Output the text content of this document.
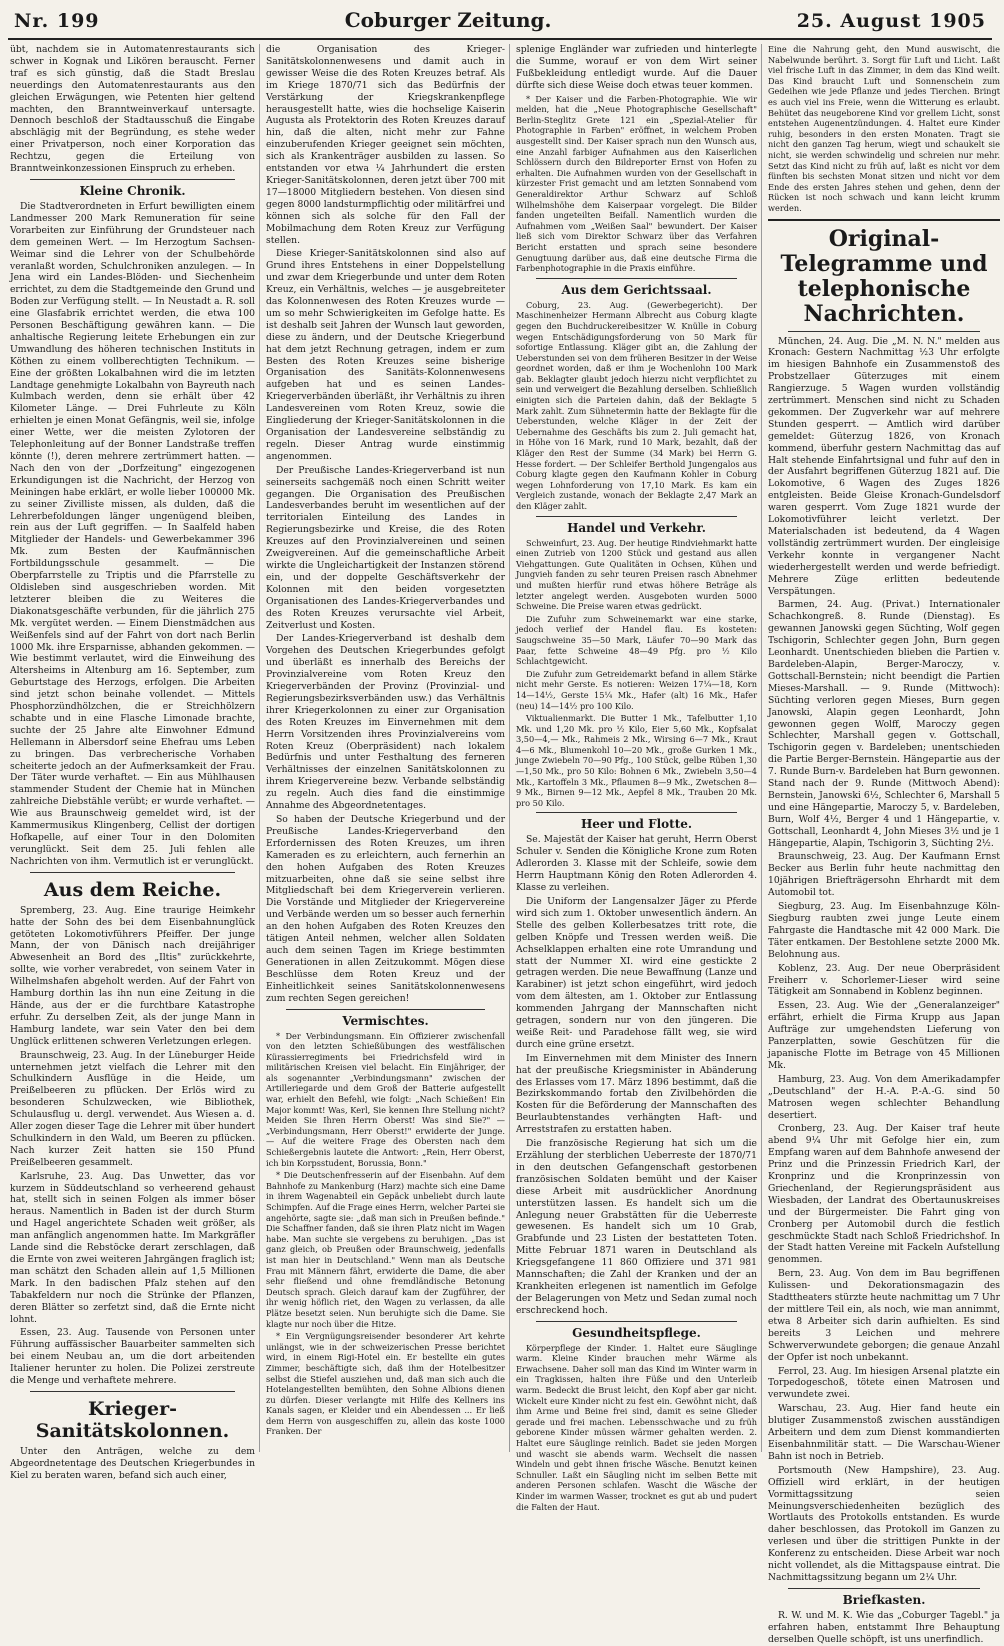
Nr. 199	Coburger Zeitung.	25. August 1905

übt, nachdem sie in Automatenrestaurants sich schwer in Kognak und Likören berauscht. Ferner traf es sich günstig, daß die Stadt Breslau neuerdings den Automatenrestaurants aus den gleichen Erwägungen, wie Petenten hier geltend machten, den Branntweinverkauf untersagte. Dennoch beschloß der Stadtausschuß die Eingabe abschlägig mit der Begründung, es stehe weder einer Privatperson, noch einer Korporation das Rechtzu, gegen die Erteilung von Branntweinkonzessionen Einspruch zu erheben.

Kleine Chronik.

Die Stadtverordneten in Erfurt bewilligten einem Landmesser 200 Mark Remuneration für seine Vorarbeiten zur Einführung der Grundsteuer nach dem gemeinen Wert. — Im Herzogtum Sachsen-Weimar sind die Lehrer von der Schulbehörde veranlaßt worden, Schulchroniken anzulegen. — In Jena wird ein Landes-Blöden- und Siechenheim errichtet, zu dem die Stadtgemeinde den Grund und Boden zur Verfügung stellt. — In Neustadt a. R. soll eine Glasfabrik errichtet werden, die etwa 100 Personen Beschäftigung gewähren kann. — Die anhaltische Regierung leitete Erhebungen ein zur Umwandlung des höheren technischen Instituts in Köthen zu einem vollberechtigten Technikum. — Eine der größten Lokalbahnen wird die im letzten Landtage genehmigte Lokalbahn von Bayreuth nach Kulmbach werden, denn sie erhält über 42 Kilometer Länge. — Drei Fuhrleute zu Köln erhielten je einen Monat Gefängnis, weil sie, infolge einer Wette, wer die meisten Zylotoren der Telephonleitung auf der Bonner Landstraße treffen könnte (!), deren mehrere zertrümmert hatten. — Nach den von der „Dorfzeitung" eingezogenen Erkundigungen ist die Nachricht, der Herzog von Meiningen habe erklärt, er wolle lieber 100000 Mk. zu seiner Zivilliste missen, als dulden, daß die Lehrerbefoldungen länger ungenügend bleiben, rein aus der Luft gegriffen. — In Saalfeld haben Mitglieder der Handels- und Gewerbekammer 396 Mk. zum Besten der Kaufmännischen Fortbildungsschule gesammelt. — Die Oberpfarrstelle zu Triptis und die Pfarrstelle zu Oldisleben sind ausgeschrieben worden. Mit letzterer bleiben die zu Weiteres die Diakonatsgeschäfte verbunden, für die jährlich 275 Mk. vergütet werden. — Einem Dienstmädchen aus Weißenfels sind auf der Fahrt von dort nach Berlin 1000 Mk. ihre Ersparnisse, abhanden gekommen. — Wie bestimmt verlautet, wird die Einweihung des Altersheims in Altenburg am 16. September, zum Geburtstage des Herzogs, erfolgen. Die Arbeiten sind jetzt schon beinahe vollendet. — Mittels Phosphorzündhölzchen, die er Streichhölzern schabte und in eine Flasche Limonade brachte, suchte der 25 Jahre alte Einwohner Edmund Hellemann in Albersdorf seine Ehefrau ums Leben zu bringen. Das verbrecherische Vorhaben scheiterte jedoch an der Aufmerksamkeit der Frau. Der Täter wurde verhaftet. — Ein aus Mühlhausen stammender Student der Chemie hat in München zahlreiche Diebstähle verübt; er wurde verhaftet. — Wie aus Braunschweig gemeldet wird, ist der Kammermusikus Klingenberg, Cellist der dortigen Hofkapelle, auf einer Tour in den Dolomiten verunglückt. Seit dem 25. Juli fehlen alle Nachrichten von ihm. Vermutlich ist er verunglückt.

Aus dem Reiche.

Spremberg, 23. Aug. Eine traurige Heimkehr hatte der Sohn des bei dem Eisenbahnunglück getöteten Lokomotivführers Pfeiffer. Der junge Mann, der von Dänisch nach dreijähriger Abwesenheit an Bord des „Iltis" zurückkehrte, sollte, wie vorher verabredet, von seinem Vater in Wilhelmshafen abgeholt werden. Auf der Fahrt von Hamburg dorthin las ihn nun eine Zeitung in die Hände, aus der er die furchtbare Katastrophe erfuhr. Zu derselben Zeit, als der junge Mann in Hamburg landete, war sein Vater den bei dem Unglück erlittenen schweren Verletzungen erlegen.

Braunschweig, 23. Aug. In der Lüneburger Heide unternehmen jetzt vielfach die Lehrer mit den Schulkindern Ausflüge in die Heide, um Preißelbeeren zu pflücken. Der Erlös wird zu besonderen Schulzwecken, wie Bibliothek, Schulausflug u. dergl. verwendet. Aus Wiesen a. d. Aller zogen dieser Tage die Lehrer mit über hundert Schulkindern in den Wald, um Beeren zu pflücken. Nach kurzer Zeit hatten sie 150 Pfund Preißelbeeren gesammelt.

Karlsruhe, 23. Aug. Das Unwetter, das vor kurzem in Süddeutschland so verheerend gehaust hat, stellt sich in seinen Folgen als immer böser heraus. Namentlich in Baden ist der durch Sturm und Hagel angerichtete Schaden weit größer, als man anfänglich angenommen hatte. Im Markgräfler Lande sind die Rebstöcke derart zerschlagen, daß die Ernte von zwei weiteren Jahrgängen fraglich ist; man schätzt den Schaden allein auf 1,5 Millionen Mark. In den badischen Pfalz stehen auf den Tabakfeldern nur noch die Strünke der Pflanzen, deren Blätter so zerfetzt sind, daß die Ernte nicht lohnt.

Essen, 23. Aug. Tausende von Personen unter Führung auffässischer Bauarbeiter sammelten sich bei einem Neubau an, um die dort arbeitenden Italiener herunter zu holen. Die Polizei zerstreute die Menge und verhaftete mehrere.

Krieger-Sanitätskolonnen.

Unter den Anträgen, welche zu dem Abgeordnetentage des Deutschen Kriegerbundes in Kiel zu beraten waren, befand sich auch einer,

die Organisation des Krieger-Sanitätskolonnenwesens und damit auch in gewisser Weise die des Roten Kreuzes betraf. Als im Kriege 1870/71 sich das Bedürfnis der Verstärkung der Kriegskrankenpflege herausgestellt hatte, wies die hochselige Kaiserin Augusta als Protektorin des Roten Kreuzes darauf hin, daß die alten, nicht mehr zur Fahne einzuberufenden Krieger geeignet sein möchten, sich als Krankenträger ausbilden zu lassen. So entstanden vor etwa ¼ Jahrhundert die ersten Krieger-Sanitätskolonnen, deren jetzt über 700 mit 17—18000 Mitgliedern bestehen. Von diesen sind gegen 8000 landsturmpflichtig oder militärfrei und können sich als solche für den Fall der Mobilmachung dem Roten Kreuz zur Verfügung stellen.

Diese Krieger-Sanitätskolonnen sind also auf Grund ihres Entstehens in einer Doppelstellung und zwar dem Kriegerbunde und unter dem Roten Kreuz, ein Verhältnis, welches — je ausgebreiteter das Kolonnenwesen des Roten Kreuzes wurde — um so mehr Schwierigkeiten im Gefolge hatte. Es ist deshalb seit Jahren der Wunsch laut geworden, diese zu ändern, und der Deutsche Kriegerbund hat dem jetzt Rechnung getragen, indem er zum Besten des Roten Kreuzes seine bisherige Organisation des Sanitäts-Kolonnenwesens aufgeben hat und es seinen Landes-Kriegerverbänden überläßt, ihr Verhältnis zu ihren Landesvereinen vom Roten Kreuz, sowie die Eingliederung der Krieger-Sanitätskolonnen in die Organisation der Landesvereine selbständig zu regeln. Dieser Antrag wurde einstimmig angenommen.

Der Preußische Landes-Kriegerverband ist nun seinerseits sachgemäß noch einen Schritt weiter gegangen. Die Organisation des Preußischen Landesverbandes beruht im wesentlichen auf der territorialen Einteilung des Landes in Regierungsbezirke und Kreise, die des Roten Kreuzes auf den Provinzialvereinen und seinen Zweigvereinen. Auf die gemeinschaftliche Arbeit wirkte die Ungleichartigkeit der Instanzen störend ein, und der doppelte Geschäftsverkehr der Kolonnen mit den beiden vorgesetzten Organisationen des Landes-Kriegerverbandes und des Roten Kreuzes verursachte viel Arbeit, Zeitverlust und Kosten.

Der Landes-Kriegerverband ist deshalb dem Vorgehen des Deutschen Kriegerbundes gefolgt und überläßt es innerhalb des Bereichs der Provinzialvereine vom Roten Kreuz den Kriegerverbänden der Provinz (Provinzial- und Regierungsbezirksverbänden usw.) das Verhältnis ihrer Kriegerkolonnen zu einer zur Organisation des Roten Kreuzes im Einvernehmen mit dem Herrn Vorsitzenden ihres Provinzialvereins vom Roten Kreuz (Oberpräsident) nach lokalem Bedürfnis und unter Festhaltung des ferneren Verhältnisses der einzelnen Sanitätskolonnen zu ihrem Kriegervereine bezw. Verbande selbständig zu regeln. Auch dies fand die einstimmige Annahme des Abgeordnetentages.

So haben der Deutsche Kriegerbund und der Preußische Landes-Kriegerverband den Erfordernissen des Roten Kreuzes, um ihren Kameraden es zu erleichtern, auch fernerhin an den hohen Aufgaben des Roten Kreuzes mitzuarbeiten, ohne daß sie seine selbst ihre Mitgliedschaft bei dem Kriegerverein verlieren. Die Vorstände und Mitglieder der Kriegervereine und Verbände werden um so besser auch fernerhin an den hohen Aufgaben des Roten Kreuzes den tätigen Anteil nehmen, welcher allen Soldaten auch dem seinen Tagen im Kriege bestimmten Generationen in allen Zeitzukommt. Mögen diese Beschlüsse dem Roten Kreuz und der Einheitlichkeit seines Sanitätskolonnenwesens zum rechten Segen gereichen!

Vermischtes.

* Der Verbindungsmann. Ein Offizierer zwischenfall von den letzten Schießübungen des westfälischen Kürassierregiments bei Friedrichsfeld wird in militärischen Kreisen viel belacht. Ein Einjähriger, der als sogenannter „Verbindungsmann" zwischen der Artilleriegarde und dem Groß der Batterie aufgestellt war, erhielt den Befehl, wie folgt: „Nach Schießen! Ein Major kommt! Was, Kerl, Sie kennen Ihre Stellung nicht? Meiden Sie Ihren Herrn Oberst! Was sind Sie?" — „Verbindungsmann, Herr Oberst!" erwiderte der Junge. — Auf die weitere Frage des Obersten nach dem Schießergebnis lautete die Antwort: „Rein, Herr Oberst, ich bin Korpsstudent, Borussia, Bonn."

* Die Deutschenfresserin auf der Eisenbahn. Auf dem Bahnhofe zu Mankenburg (Harz) machte sich eine Dame in ihrem Wagenabteil ein Gepäck unbeliebt durch laute Schimpfen. Auf die Frage eines Herrn, welcher Partei sie angehörte, sagte sie: „daß man sich in Preußen befinde." Die Schaffner fanden, daß sie ihren Platz nicht im Wagen habe. Man suchte sie vergebens zu beruhigen. „Das ist ganz gleich, ob Preußen oder Braunschweig, jedenfalls ist man hier in Deutschland." Wenn man als Deutsche Frau mit Männern fährt, erwiderte die Dame, die aber sehr fließend und ohne fremdländische Betonung Deutsch sprach. Gleich darauf kam der Zugführer, der ihr wenig höflich riet, den Wagen zu verlassen, da alle Plätze besetzt seien. Nun beruhigte sich die Dame. Sie klagte nur noch über die Hitze.

* Ein Vergnügungsreisender besonderer Art kehrte unlängst, wie in der schweizerischen Presse berichtet wird, in einem Rigi-Hotel ein. Er bestellte ein gutes Zimmer, beschäftigte sich, daß ihm der Hotelbesitzer selbst die Stiefel ausziehen und, daß man sich auch die Hotelangestellten bemühten, den Sohne Albions dienen zu dürfen. Dieser verlangte mit Hilfe des Kellners ins Kanals sagen, er Kleider und ein Abendessen ... Er ließ dem Herrn von ausgeschiffen zu, allein das koste 1000 Franken. Der

splenige Engländer war zufrieden und hinterlegte die Summe, worauf er von dem Wirt seiner Fußbekleidung entledigt wurde. Auf die Dauer dürfte sich diese Weise doch etwas teuer kommen.

* Der Kaiser und die Farben-Photographie. Wie wir melden, hat die „Neue Photographische Gesellschaft" Berlin-Steglitz Grete 121 ein „Spezial-Atelier für Photographie in Farben" eröffnet, in welchem Proben ausgestellt sind. Der Kaiser sprach nun den Wunsch aus, eine Anzahl farbiger Aufnahmen aus den Kaiserlichen Schlössern durch den Bildreporter Ernst von Hofen zu erhalten. Die Aufnahmen wurden von der Gesellschaft in kürzester Frist gemacht und am letzten Sonnabend vom Generaldirektor Arthur Schwarz auf Schloß Wilhelmshöhe dem Kaiserpaar vorgelegt. Die Bilder fanden ungeteilten Beifall. Namentlich wurden die Aufnahmen vom „Weißen Saal" bewundert. Der Kaiser ließ sich vom Direktor Schwarz über das Verfahren Bericht erstatten und sprach seine besondere Genugtuung darüber aus, daß eine deutsche Firma die Farbenphotographie in die Praxis einführe.

Aus dem Gerichtssaal.

Coburg, 23. Aug. (Gewerbegericht). Der Maschinenheizer Hermann Albrecht aus Coburg klagte gegen den Buchdruckereibesitzer W. Knülle in Coburg wegen Entschädigungsforderung von 50 Mark für sofortige Entlassung. Kläger gibt an, die Zahlung der Ueberstunden sei von dem früheren Besitzer in der Weise geordnet worden, daß er ihm je Wochenlohn 100 Mark gab. Beklagter glaubt jedoch hierzu nicht verpflichtet zu sein und verweigert die Bezahlung derselben. Schließlich einigten sich die Parteien dahin, daß der Beklagte 5 Mark zahlt. Zum Sühnetermin hatte der Beklagte für die Ueberstunden, welche Kläger in der Zeit der Uebernahme des Geschäfts bis zum 2. Juli gemacht hat, in Höhe von 16 Mark, rund 10 Mark, bezahlt, daß der Kläger den Rest der Summe (34 Mark) bei Herrn G. Hesse fordert. — Der Schleifer Berthold Jungengalos aus Coburg klagte gegen den Kaufmann Kohler in Coburg wegen Lohnforderung von 17,10 Mark. Es kam ein Vergleich zustande, wonach der Beklagte 2,47 Mark an den Kläger zahlt.

Handel und Verkehr.

Schweinfurt, 23. Aug. Der heutige Rindviehmarkt hatte einen Zutrieb von 1200 Stück und gestand aus allen Viehgattungen. Gute Qualitäten in Ochsen, Kühen und Jungvieh fanden zu sehr teuren Preisen rasch Abnehmer und mußten hierfür rund etwas höhere Beträge als letzter angelegt werden. Ausgeboten wurden 5000 Schweine. Die Preise waren etwas gedrückt.

Die Zufuhr zum Schweinemarkt war eine starke, jedoch verlief der Handel flau. Es kosteten: Saugschweine 35—50 Mark, Läufer 70—90 Mark das Paar, fette Schweine 48—49 Pfg. pro ½ Kilo Schlachtgewicht.

Die Zufuhr zum Getreidemarkt befand in allem Stärke nicht mehr Gerste. Es notieren: Weizen 17¼—18, Korn 14—14½, Gerste 15¼ Mk., Hafer (alt) 16 Mk., Hafer (neu) 14—14½ pro 100 Kilo.

Viktualienmarkt. Die Butter 1 Mk., Tafelbutter 1,10 Mk. und 1,20 Mk. pro ½ Kilo, Eier 5,60 Mk., Kopfsalat 3,50—4,— Mk., Rahmeis 2 Mk., Wirsing 6—7 Mk., Kraut 4—6 Mk., Blumenkohl 10—20 Mk., große Gurken 1 Mk., junge Zwiebeln 70—90 Pfg., 100 Stück, gelbe Rüben 1,30—1,50 Mk., pro 50 Kilo: Bohnen 6 Mk., Zwiebeln 3,50—4 Mk., Kartoffeln 3 Mk., Pflaumen 8—9 Mk., Zwetschen 8—9 Mk., Birnen 9—12 Mk., Aepfel 8 Mk., Trauben 20 Mk. pro 50 Kilo.

Heer und Flotte.

Se. Majestät der Kaiser hat geruht, Herrn Oberst Schuler v. Senden die Königliche Krone zum Roten Adlerorden 3. Klasse mit der Schleife, sowie dem Herrn Hauptmann König den Roten Adlerorden 4. Klasse zu verleihen.

Die Uniform der Langensalzer Jäger zu Pferde wird sich zum 1. Oktober unwesentlich ändern. An Stelle des gelben Kollerbesatzes tritt rote, die gelben Knöpfe und Tressen werden weiß. Die Achselklappen erhalten eine rote Umrandung und statt der Nummer XI. wird eine gestickte 2 getragen werden. Die neue Bewaffnung (Lanze und Karabiner) ist jetzt schon eingeführt, wird jedoch vom dem ältesten, am 1. Oktober zur Entlassung kommenden Jahrgang der Mannschaften nicht getragen, sondern nur von den jüngeren. Die weiße Reit- und Paradehose fällt weg, sie wird durch eine grüne ersetzt.

Im Einvernehmen mit dem Minister des Innern hat der preußische Kriegsminister in Abänderung des Erlasses vom 17. März 1896 bestimmt, daß die Bezirkskommando fortab den Zivilbehörden die Kosten für die Beförderung der Mannschaften des Beurlaubtenstandes verhängten Haft- und Arreststrafen zu erstatten haben.

Die französische Regierung hat sich um die Erzählung der sterblichen Ueberreste der 1870/71 in den deutschen Gefangenschaft gestorbenen französischen Soldaten bemüht und der Kaiser diese Arbeit mit ausdrücklicher Anordnung unterstützen lassen. Es handelt sich um die Anlegung neuer Grabstätten für die Ueberreste gewesenen. Es handelt sich um 10 Grab, Grabfunde und 23 Listen der bestatteten Toten. Mitte Februar 1871 waren in Deutschland als Kriegsgefangene 11 860 Offiziere und 371 981 Mannschaften; die Zahl der Kranken und der an Krankheiten erlegenen ist namentlich im Gefolge der Belagerungen von Metz und Sedan zumal noch erschreckend hoch.

Gesundheitspflege.

Körperpflege der Kinder. 1. Haltet eure Säuglinge warm. Kleine Kinder brauchen mehr Wärme als Erwachsene. Daher soll man das Kind im Winter warm in ein Tragkissen, halten ihre Füße und den Unterleib warm. Bedeckt die Brust leicht, den Kopf aber gar nicht. Wickelt eure Kinder nicht zu fest ein. Gewöhnt nicht, daß ihm Arme und Beine frei sind, damit es seine Glieder gerade und frei machen. Lebensschwache und zu früh geborene Kinder müssen wärmer gehalten werden. 2. Haltet eure Säuglinge reinlich. Badet sie jeden Morgen und wascht sie abends warm. Wechselt die nassen Windeln und gebt ihnen frische Wäsche. Benutzt keinen Schnuller. Laßt ein Säugling nicht im selben Bette mit anderen Personen schlafen. Wascht die Wäsche der Kinder im warmen Wasser, trocknet es gut ab und pudert die Falten der Haut.

Eine die Nahrung geht, den Mund auswischt, die Nabelwunde berührt. 3. Sorgt für Luft und Licht. Laßt viel frische Luft in das Zimmer, in dem das Kind weilt. Das Kind braucht Luft und Sonnenschein zum Gedeihen wie jede Pflanze und jedes Tierchen. Bringt es auch viel ins Freie, wenn die Witterung es erlaubt. Behütet das neugeborene Kind vor grellem Licht, sonst entstehen Augenentzündungen. 4. Haltet eure Kinder ruhig, besonders in den ersten Monaten. Tragt sie nicht den ganzen Tag herum, wiegt und schaukelt sie nicht, sie werden schwindelig und schreien nur mehr. Setzt das Kind nicht zu früh auf, laßt es nicht vor dem fünften bis sechsten Monat sitzen und nicht vor dem Ende des ersten Jahres stehen und gehen, denn der Rücken ist noch schwach und kann leicht krumm werden.

Original-Telegramme und telephonische Nachrichten.

München, 24. Aug. Die „M. N. N." melden aus Kronach: Gestern Nachmittag ½3 Uhr erfolgte im hiesigen Bahnhofe ein Zusammenstoß des Probstzellaer Güterzuges mit einem Rangierzuge. 5 Wagen wurden vollständig zertrümmert. Menschen sind nicht zu Schaden gekommen. Der Zugverkehr war auf mehrere Stunden gesperrt. — Amtlich wird darüber gemeldet: Güterzug 1826, von Kronach kommend, überfuhr gestern Nachmittag das auf Halt stehende Einfahrtsignal und fuhr auf den in der Ausfahrt begriffenen Güterzug 1821 auf. Die Lokomotive, 6 Wagen des Zuges 1826 entgleisten. Beide Gleise Kronach-Gundelsdorf waren gesperrt. Vom Zuge 1821 wurde der Lokomotivführer leicht verletzt. Der Materialschaden ist bedeutend, da 4 Wagen vollständig zertrümmert wurden. Der eingleisige Verkehr konnte in vergangener Nacht wiederhergestellt werden und werde befriedigt. Mehrere Züge erlitten bedeutende Verspätungen.

Barmen, 24. Aug. (Privat.) Internationaler Schachkongreß. 8. Runde (Dienstag). Es gewannen Janowski gegen Süchting, Wolf gegen Tschigorin, Schlechter gegen John, Burn gegen Leonhardt. Unentschieden blieben die Partien v. Bardeleben-Alapin, Berger-Maroczy, v. Gottschall-Bernstein; nicht beendigt die Partien Mieses-Marshall. — 9. Runde (Mittwoch): Süchting verloren gegen Mieses, Burn gegen Janowski, Alapin gegen Leonhardt, John gewonnen gegen Wolff, Maroczy gegen Schlechter, Marshall gegen v. Gottschall, Tschigorin gegen v. Bardeleben; unentschieden die Partie Berger-Bernstein. Hängepartie aus der 7. Runde Burn-v. Bardeleben hat Burn gewonnen. Stand nach der 9. Runde (Mittwoch Abend): Bernstein, Janowski 6½, Schlechter 6, Marshall 5 und eine Hängepartie, Maroczy 5, v. Bardeleben, Burn, Wolf 4½, Berger 4 und 1 Hängepartie, v. Gottschall, Leonhardt 4, John Mieses 3½ und je 1 Hängepartie, Alapin, Tschigorin 3, Süchting 2½.

Braunschweig, 23. Aug. Der Kaufmann Ernst Becker aus Berlin fuhr heute nachmittag den 10jährigen Briefträgersohn Ehrhardt mit dem Automobil tot.

Siegburg, 23. Aug. Im Eisenbahnzuge Köln-Siegburg raubten zwei junge Leute einem Fahrgaste die Handtasche mit 42 000 Mark. Die Täter entkamen. Der Bestohlene setzte 2000 Mk. Belohnung aus.

Koblenz, 23. Aug. Der neue Oberpräsident Freiherr v. Schorlemer-Lieser wird seine Tätigkeit am Sonnabend in Koblenz beginnen.

Essen, 23. Aug. Wie der „Generalanzeiger" erfährt, erhielt die Firma Krupp aus Japan Aufträge zur umgehendsten Lieferung von Panzerplatten, sowie Geschützen für die japanische Flotte im Betrage von 45 Millionen Mk.

Hamburg, 23. Aug. Von dem Amerikadampfer „Deutschland" der H.-A. P.-A.-G. sind 50 Matrosen wegen schlechter Behandlung desertiert.

Cronberg, 23. Aug. Der Kaiser traf heute abend 9¼ Uhr mit Gefolge hier ein, zum Empfang waren auf dem Bahnhofe anwesend der Prinz und die Prinzessin Friedrich Karl, der Kronprinz und die Kronprinzessin von Griechenland, der Regierungspräsident aus Wiesbaden, der Landrat des Obertaunuskreises und der Bürgermeister. Die Fahrt ging von Cronberg per Automobil durch die festlich geschmückte Stadt nach Schloß Friedrichshof. In der Stadt hatten Vereine mit Fackeln Aufstellung genommen.

Bern, 23. Aug. Von dem im Bau begriffenen Kulissen- und Dekorationsmagazin des Stadttheaters stürzte heute nachmittag um 7 Uhr der mittlere Teil ein, als noch, wie man annimmt, etwa 8 Arbeiter sich darin aufhielten. Es sind bereits 3 Leichen und mehrere Schwerverwundete geborgen; die genaue Anzahl der Opfer ist noch unbekannt.

Ferrol, 23. Aug. Im hiesigen Arsenal platzte ein Torpedogeschoß, tötete einen Matrosen und verwundete zwei.

Warschau, 23. Aug. Hier fand heute ein blutiger Zusammenstoß zwischen ausständigen Arbeitern und dem zum Dienst kommandierten Eisenbahnmilitär statt. — Die Warschau-Wiener Bahn ist noch in Betrieb.

Portsmouth (New Hampshire), 23. Aug. Offiziell wird erklärt, in der heutigen Vormittagssitzung seien Meinungsverschiedenheiten bezüglich des Wortlauts des Protokolls entstanden. Es wurde daher beschlossen, das Protokoll im Ganzen zu verlesen und über die strittigen Punkte in der Konferenz zu entscheiden. Diese Arbeit war noch nicht vollendet, als die Mittagspause eintrat. Die Nachmittagssitzung begann um 2¼ Uhr.

Briefkasten.

R. W. und M. K. Wie das „Coburger Tagebl." ja erfahren haben, entstammt Ihre Behauptung derselben Quelle schöpft, ist uns unerfindlich.
